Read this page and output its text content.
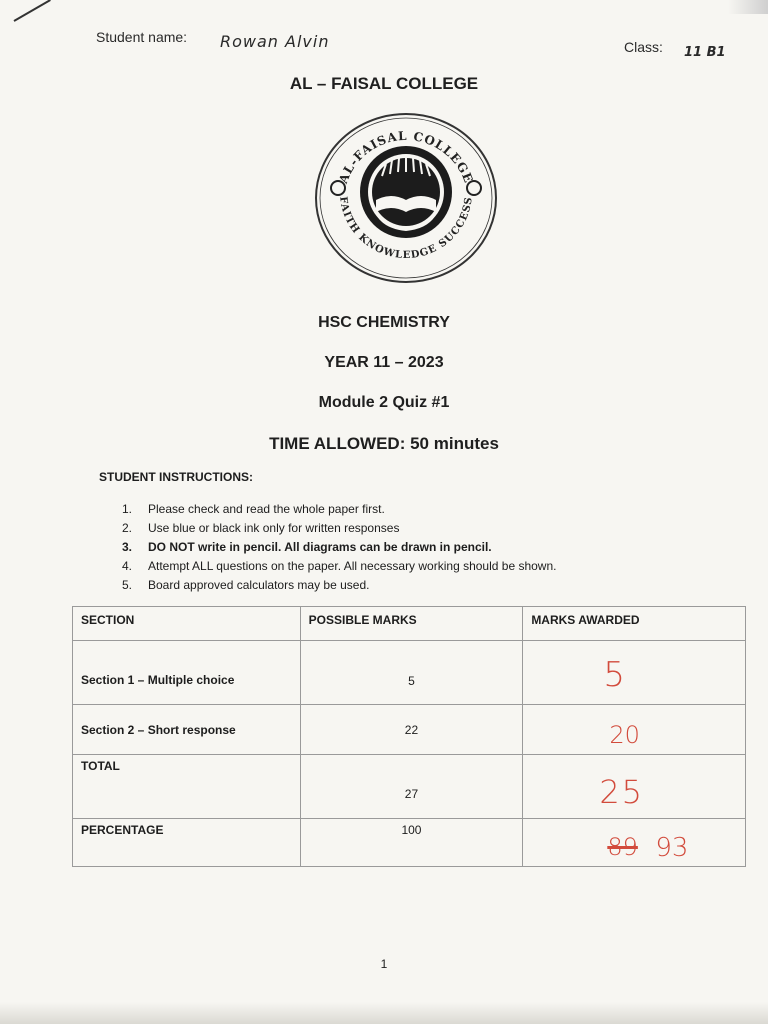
Student name: Rowan Alvin	Class: 11 B1
AL – FAISAL COLLEGE
AL-FAISAL COLLEGE
FAITH KNOWLEDGE SUCCESS
HSC CHEMISTRY
YEAR 11 – 2023
Module 2 Quiz #1
TIME ALLOWED: 50 minutes
STUDENT INSTRUCTIONS:
1.	Please check and read the whole paper first.
2.	Use blue or black ink only for written responses
3.	DO NOT write in pencil. All diagrams can be drawn in pencil.
4.	Attempt ALL questions on the paper. All necessary working should be shown.
5.	Board approved calculators may be used.
SECTION	POSSIBLE MARKS	MARKS AWARDED

Section 1 – Multiple choice	5	5

Section 2 – Short response	22	20

TOTAL	27	25

PERCENTAGE	100	89 93
1
